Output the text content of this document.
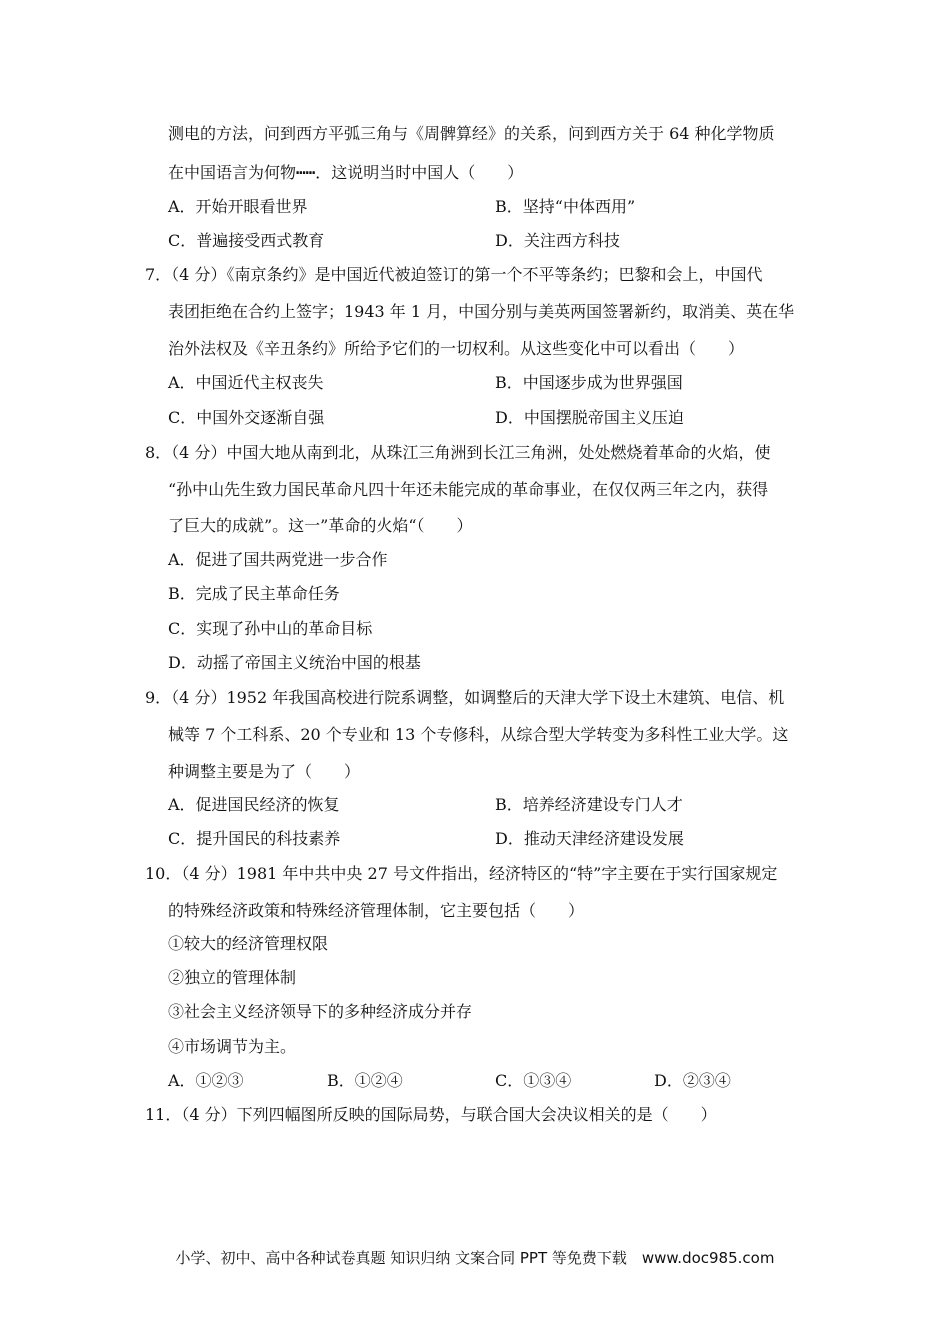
测电的方法，问到西方平弧三角与《周髀算经》的关系，问到西方关于 64 种化学物质
在中国语言为何物┅┅．这说明当时中国人（　　）
A．开始开眼看世界	B．坚持“中体西用”
C．普遍接受西式教育	D．关注西方科技
7．（4 分）《南京条约》是中国近代被迫签订的第一个不平等条约；巴黎和会上，中国代
表团拒绝在合约上签字；1943 年 1 月，中国分别与美英两国签署新约，取消美、英在华
治外法权及《辛丑条约》所给予它们的一切权利。从这些变化中可以看出（　　）
A．中国近代主权丧失	B．中国逐步成为世界强国
C．中国外交逐渐自强	D．中国摆脱帝国主义压迫
8．（4 分）中国大地从南到北，从珠江三角洲到长江三角洲，处处燃烧着革命的火焰，使
“孙中山先生致力国民革命凡四十年还未能完成的革命事业，在仅仅两三年之内，获得
了巨大的成就”。这一”革命的火焰“（　　）
A．促进了国共两党进一步合作
B．完成了民主革命任务
C．实现了孙中山的革命目标
D．动摇了帝国主义统治中国的根基
9．（4 分）1952 年我国高校进行院系调整，如调整后的天津大学下设土木建筑、电信、机
械等 7 个工科系、20 个专业和 13 个专修科，从综合型大学转变为多科性工业大学。这
种调整主要是为了（　　）
A．促进国民经济的恢复	B．培养经济建设专门人才
C．提升国民的科技素养	D．推动天津经济建设发展
10．（4 分）1981 年中共中央 27 号文件指出，经济特区的“特”字主要在于实行国家规定
的特殊经济政策和特殊经济管理体制，它主要包括（　　）
①较大的经济管理权限
②独立的管理体制
③社会主义经济领导下的多种经济成分并存
④市场调节为主。
A．①②③	B．①②④	C．①③④	D．②③④
11．（4 分）下列四幅图所反映的国际局势，与联合国大会决议相关的是（　　）
小学、初中、高中各种试卷真题 知识归纳 文案合同 PPT 等免费下载　www.doc985.com
